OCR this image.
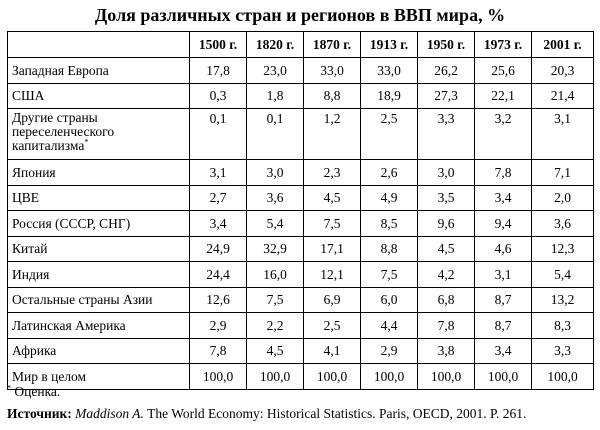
Доля различных стран и регионов в ВВП мира, %
	1500 г.	1820 г.	1870 г.	1913 г.	1950 г.	1973 г.	2001 г.
Западная Европа	17,8	23,0	33,0	33,0	26,2	25,6	20,3
США	0,3	1,8	8,8	18,9	27,3	22,1	21,4
Другие страны переселенческого капитализма*	0,1	0,1	1,2	2,5	3,3	3,2	3,1
Япония	3,1	3,0	2,3	2,6	3,0	7,8	7,1
ЦВЕ	2,7	3,6	4,5	4,9	3,5	3,4	2,0
Россия (СССР, СНГ)	3,4	5,4	7,5	8,5	9,6	9,4	3,6
Китай	24,9	32,9	17,1	8,8	4,5	4,6	12,3
Индия	24,4	16,0	12,1	7,5	4,2	3,1	5,4
Остальные страны Азии	12,6	7,5	6,9	6,0	6,8	8,7	13,2
Латинская Америка	2,9	2,2	2,5	4,4	7,8	8,7	8,3
Африка	7,8	4,5	4,1	2,9	3,8	3,4	3,3
Мир в целом	100,0	100,0	100,0	100,0	100,0	100,0	100,0
* Оценка.
Источник: Maddison A. The World Economy: Historical Statistics. Paris, OECD, 2001. P. 261.
